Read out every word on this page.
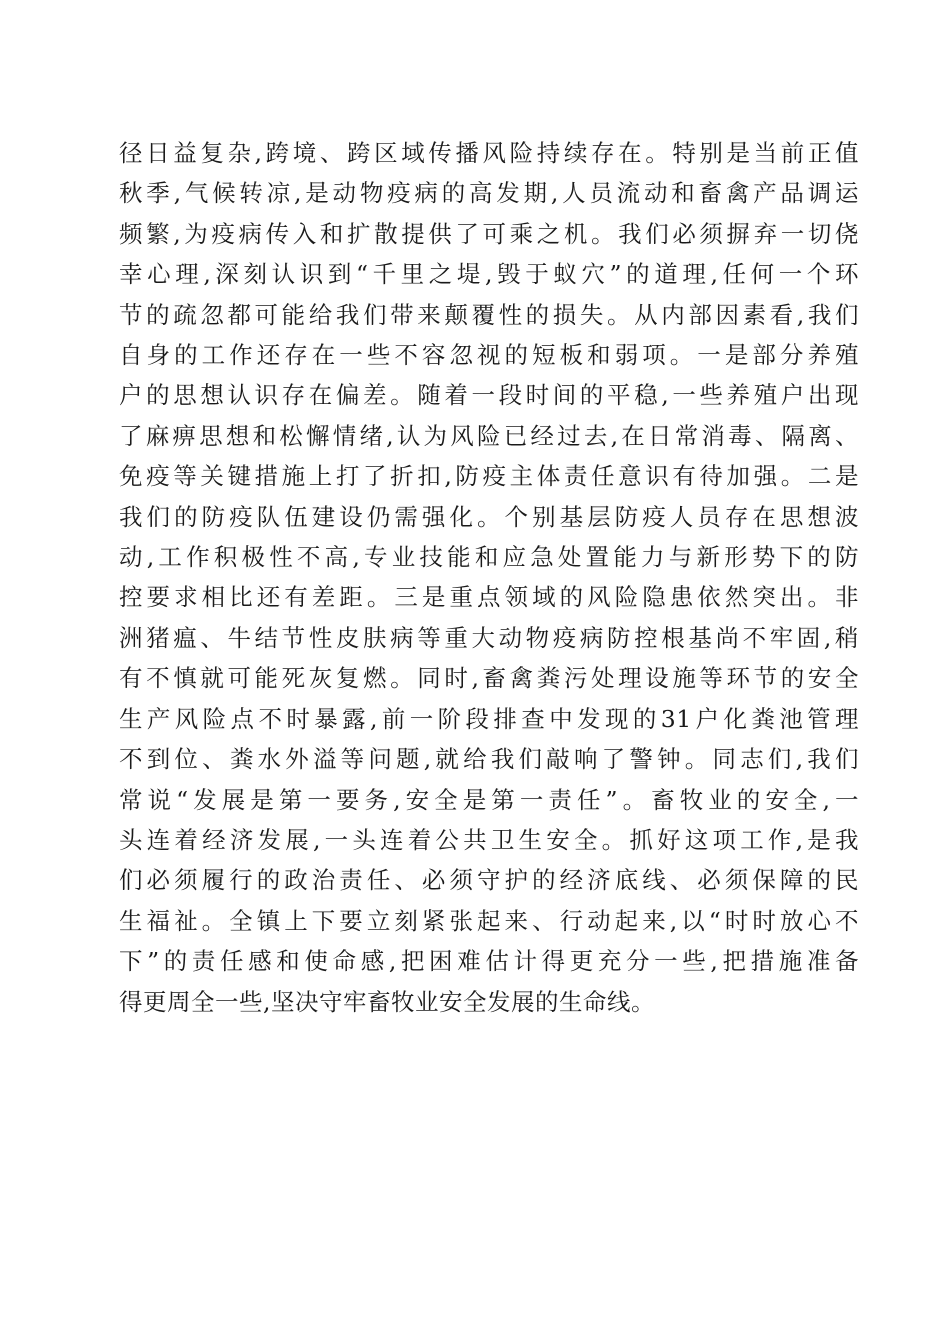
径日益复杂,跨境、跨区域传播风险持续存在。特别是当前正值
秋季,气候转凉,是动物疫病的高发期,人员流动和畜禽产品调运
频繁,为疫病传入和扩散提供了可乘之机。我们必须摒弃一切侥
幸心理,深刻认识到“千里之堤,毁于蚁穴”的道理,任何一个环
节的疏忽都可能给我们带来颠覆性的损失。从内部因素看,我们
自身的工作还存在一些不容忽视的短板和弱项。一是部分养殖
户的思想认识存在偏差。随着一段时间的平稳,一些养殖户出现
了麻痹思想和松懈情绪,认为风险已经过去,在日常消毒、隔离、
免疫等关键措施上打了折扣,防疫主体责任意识有待加强。二是
我们的防疫队伍建设仍需强化。个别基层防疫人员存在思想波
动,工作积极性不高,专业技能和应急处置能力与新形势下的防
控要求相比还有差距。三是重点领域的风险隐患依然突出。非
洲猪瘟、牛结节性皮肤病等重大动物疫病防控根基尚不牢固,稍
有不慎就可能死灰复燃。同时,畜禽粪污处理设施等环节的安全
生产风险点不时暴露,前一阶段排查中发现的31户化粪池管理
不到位、粪水外溢等问题,就给我们敲响了警钟。同志们,我们
常说“发展是第一要务,安全是第一责任”。畜牧业的安全,一
头连着经济发展,一头连着公共卫生安全。抓好这项工作,是我
们必须履行的政治责任、必须守护的经济底线、必须保障的民
生福祉。全镇上下要立刻紧张起来、行动起来,以“时时放心不
下”的责任感和使命感,把困难估计得更充分一些,把措施准备
得更周全一些,坚决守牢畜牧业安全发展的生命线。
